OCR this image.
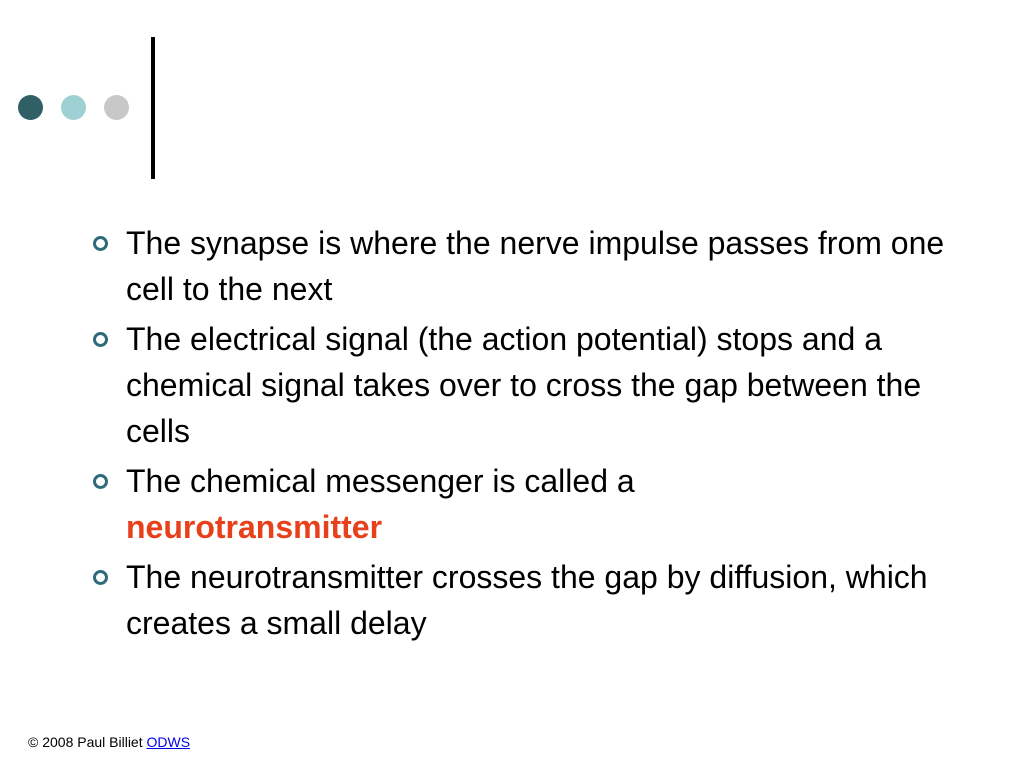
The synapse is where the nerve impulse passes from one cell to the next
The electrical signal (the action potential) stops and a chemical signal takes over to cross the gap between the cells
The chemical messenger is called a
neurotransmitter
The neurotransmitter crosses the gap by diffusion, which creates a small delay
© 2008 Paul Billiet ODWS
